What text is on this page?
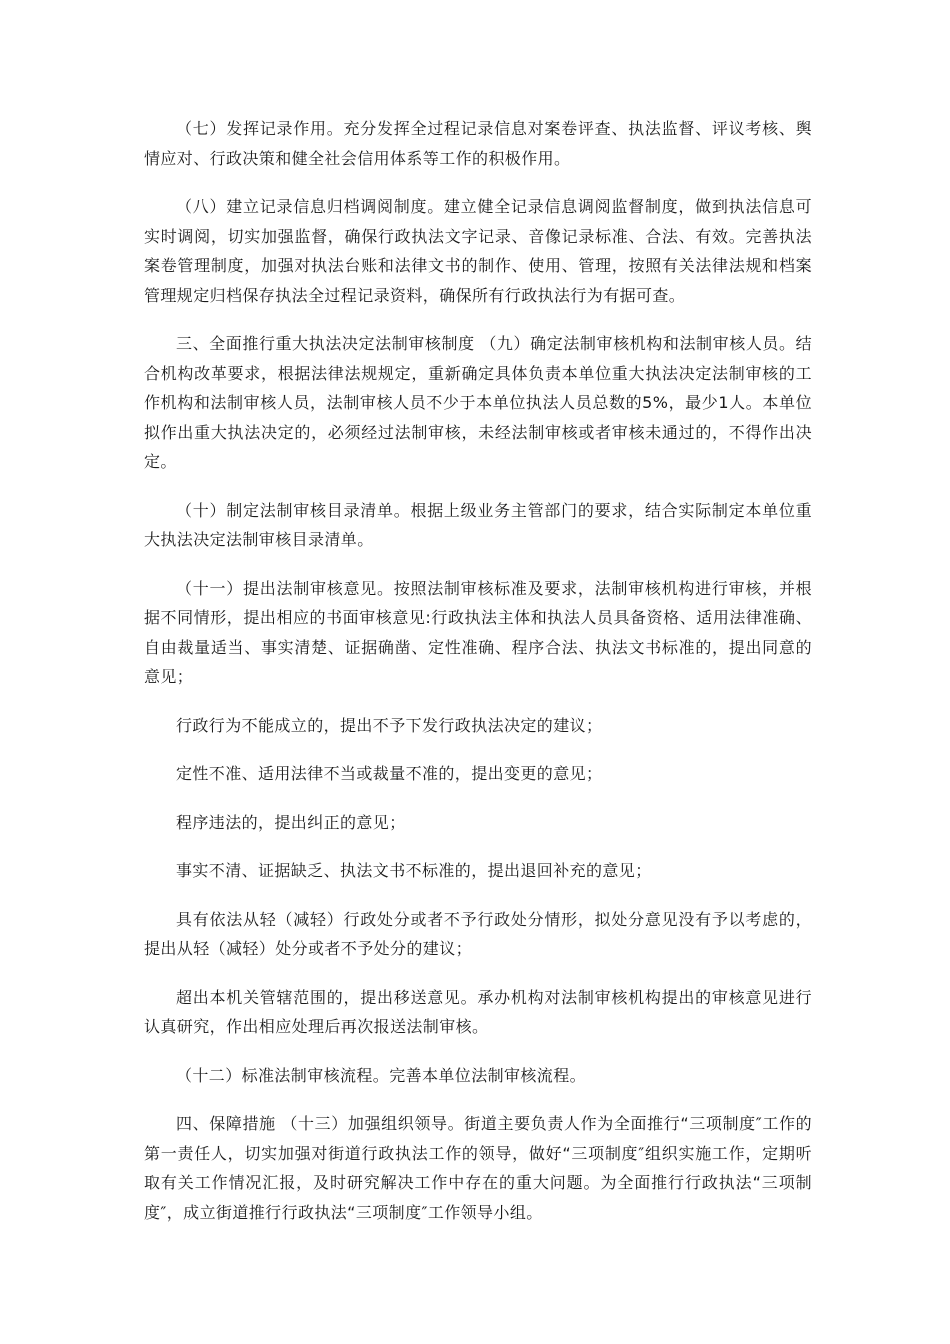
（七）发挥记录作用。充分发挥全过程记录信息对案卷评查、执法监督、评议考核、舆情应对、行政决策和健全社会信用体系等工作的积极作用。

（八）建立记录信息归档调阅制度。建立健全记录信息调阅监督制度，做到执法信息可实时调阅，切实加强监督，确保行政执法文字记录、音像记录标准、合法、有效。完善执法案卷管理制度，加强对执法台账和法律文书的制作、使用、管理，按照有关法律法规和档案管理规定归档保存执法全过程记录资料，确保所有行政执法行为有据可查。

三、全面推行重大执法决定法制审核制度 （九）确定法制审核机构和法制审核人员。结合机构改革要求，根据法律法规规定，重新确定具体负责本单位重大执法决定法制审核的工作机构和法制审核人员，法制审核人员不少于本单位执法人员总数的5%，最少1人。本单位拟作出重大执法决定的，必须经过法制审核，未经法制审核或者审核未通过的，不得作出决定。

（十）制定法制审核目录清单。根据上级业务主管部门的要求，结合实际制定本单位重大执法决定法制审核目录清单。

（十一）提出法制审核意见。按照法制审核标准及要求，法制审核机构进行审核，并根据不同情形，提出相应的书面审核意见:行政执法主体和执法人员具备资格、适用法律准确、自由裁量适当、事实清楚、证据确凿、定性准确、程序合法、执法文书标准的，提出同意的意见；

行政行为不能成立的，提出不予下发行政执法决定的建议；

定性不准、适用法律不当或裁量不准的，提出变更的意见；

程序违法的，提出纠正的意见；

事实不清、证据缺乏、执法文书不标准的，提出退回补充的意见；

具有依法从轻（减轻）行政处分或者不予行政处分情形，拟处分意见没有予以考虑的，提出从轻（减轻）处分或者不予处分的建议；

超出本机关管辖范围的，提出移送意见。承办机构对法制审核机构提出的审核意见进行认真研究，作出相应处理后再次报送法制审核。

（十二）标准法制审核流程。完善本单位法制审核流程。

四、保障措施 （十三）加强组织领导。街道主要负责人作为全面推行“三项制度″工作的第一责任人，切实加强对街道行政执法工作的领导，做好“三项制度″组织实施工作，定期听取有关工作情况汇报，及时研究解决工作中存在的重大问题。为全面推行行政执法“三项制度″，成立街道推行行政执法“三项制度″工作领导小组。
